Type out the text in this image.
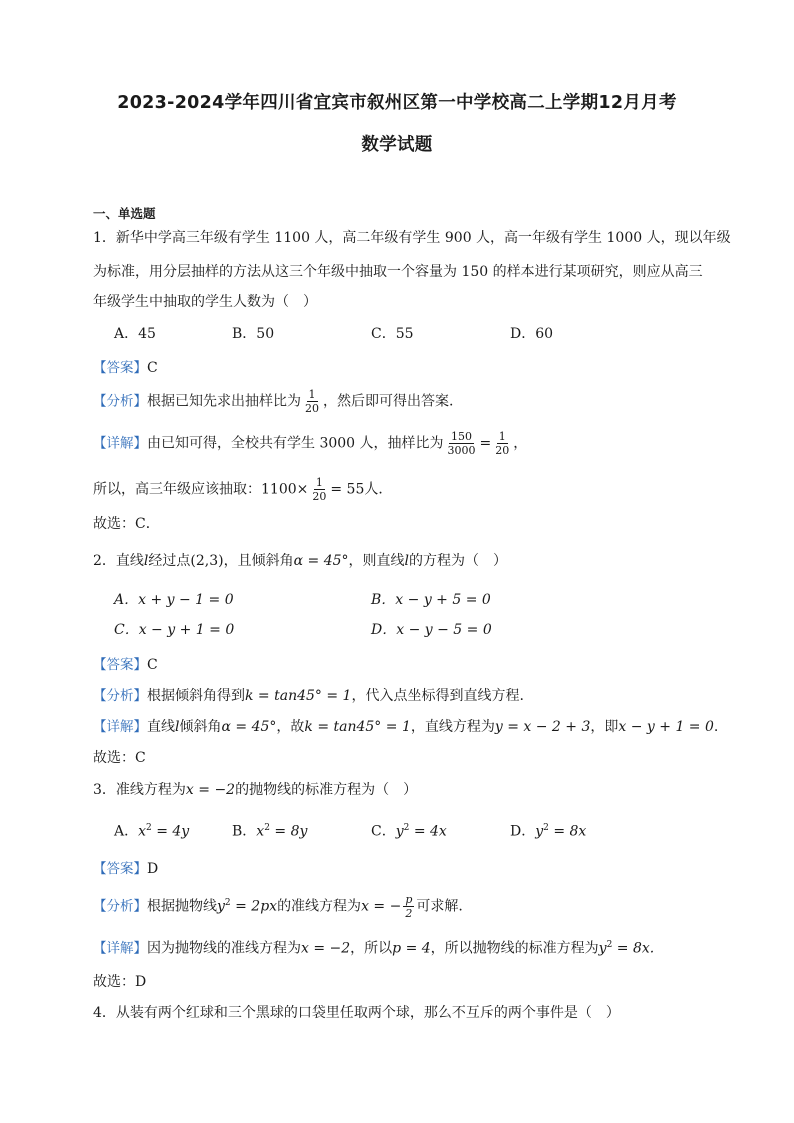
2023-2024学年四川省宜宾市叙州区第一中学校高二上学期12月月考
数学试题
一、单选题
1．新华中学高三年级有学生 1100 人，高二年级有学生 900 人，高一年级有学生 1000 人，现以年级
为标准，用分层抽样的方法从这三个年级中抽取一个容量为 150 的样本进行某项研究，则应从高三
年级学生中抽取的学生人数为（　）
A．45	B．50	C．55	D．60
【答案】C
【分析】根据已知先求出抽样比为 $\frac{1}{20}$ ，然后即可得出答案.
【详解】由已知可得，全校共有学生 3000 人，抽样比为 $\frac{150}{3000} = \frac{1}{20}$ ，
所以，高三年级应该抽取：$1100\times \frac{1}{20} = 55$人．
故选：C．
2．直线l经过点(2,3)，且倾斜角α = 45°，则直线l的方程为（　）
A．x + y − 1 = 0	B．x − y + 5 = 0
C．x − y + 1 = 0	D．x − y − 5 = 0
【答案】C
【分析】根据倾斜角得到k = tan45° = 1，代入点坐标得到直线方程.
【详解】直线l倾斜角α = 45°，故k = tan45° = 1，直线方程为y = x − 2 + 3，即x − y + 1 = 0.
故选：C
3．准线方程为x = −2的抛物线的标准方程为（　）
A．$x^2 = 4y$	B．$x^2 = 8y$	C．$y^2 = 4x$	D．$y^2 = 8x$
【答案】D
【分析】根据抛物线$y^2 = 2px$的准线方程为x = − $\frac{p}{2}$ 可求解.
【详解】因为抛物线的准线方程为x = −2，所以p = 4，所以抛物线的标准方程为$y^2 = 8x$.
故选：D
4．从装有两个红球和三个黑球的口袋里任取两个球，那么不互斥的两个事件是（　）
